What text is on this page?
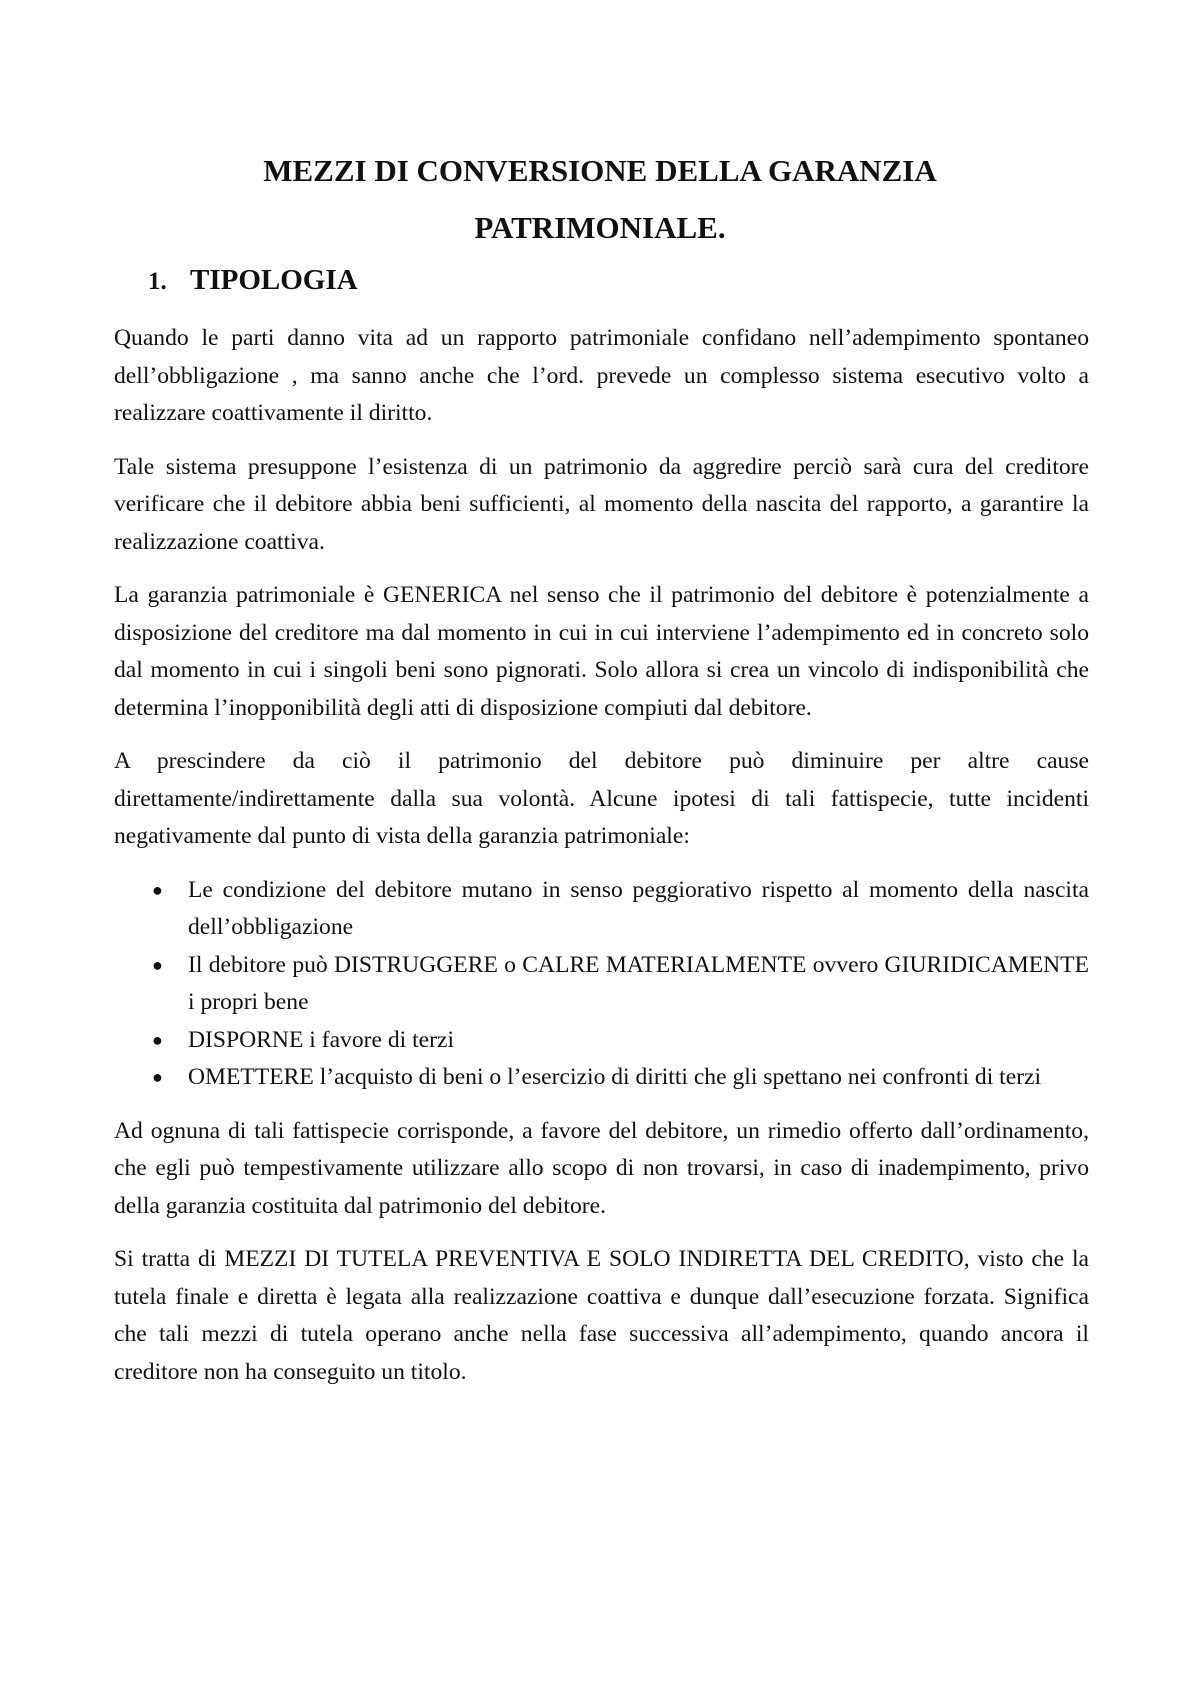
MEZZI DI CONVERSIONE DELLA GARANZIA PATRIMONIALE.
1. TIPOLOGIA

Quando le parti danno vita ad un rapporto patrimoniale confidano nell’adempimento spontaneo dell’obbligazione , ma sanno anche che l’ord. prevede un complesso sistema esecutivo volto a realizzare coattivamente il diritto.

Tale sistema presuppone l’esistenza di un patrimonio da aggredire perciò sarà cura del creditore verificare che il debitore abbia beni sufficienti, al momento della nascita del rapporto, a garantire la realizzazione coattiva.

La garanzia patrimoniale è GENERICA nel senso che il patrimonio del debitore è potenzialmente a disposizione del creditore ma dal momento in cui in cui interviene l’adempimento ed in concreto solo dal momento in cui i singoli beni sono pignorati. Solo allora si crea un vincolo di indisponibilità che determina l’inopponibilità degli atti di disposizione compiuti dal debitore.

A prescindere da ciò il patrimonio del debitore può diminuire per altre cause direttamente/indirettamente dalla sua volontà. Alcune ipotesi di tali fattispecie, tutte incidenti negativamente dal punto di vista della garanzia patrimoniale:

● Le condizione del debitore mutano in senso peggiorativo rispetto al momento della nascita dell’obbligazione
● Il debitore può DISTRUGGERE o CALRE MATERIALMENTE ovvero GIURIDICAMENTE i propri bene
● DISPORNE i favore di terzi
● OMETTERE l’acquisto di beni o l’esercizio di diritti che gli spettano nei confronti di terzi

Ad ognuna di tali fattispecie corrisponde, a favore del debitore, un rimedio offerto dall’ordinamento, che egli può tempestivamente utilizzare allo scopo di non trovarsi, in caso di inadempimento, privo della garanzia costituita dal patrimonio del debitore.

Si tratta di MEZZI DI TUTELA PREVENTIVA E SOLO INDIRETTA DEL CREDITO, visto che la tutela finale e diretta è legata alla realizzazione coattiva e dunque dall’esecuzione forzata. Significa che tali mezzi di tutela operano anche nella fase successiva all’adempimento, quando ancora il creditore non ha conseguito un titolo.
